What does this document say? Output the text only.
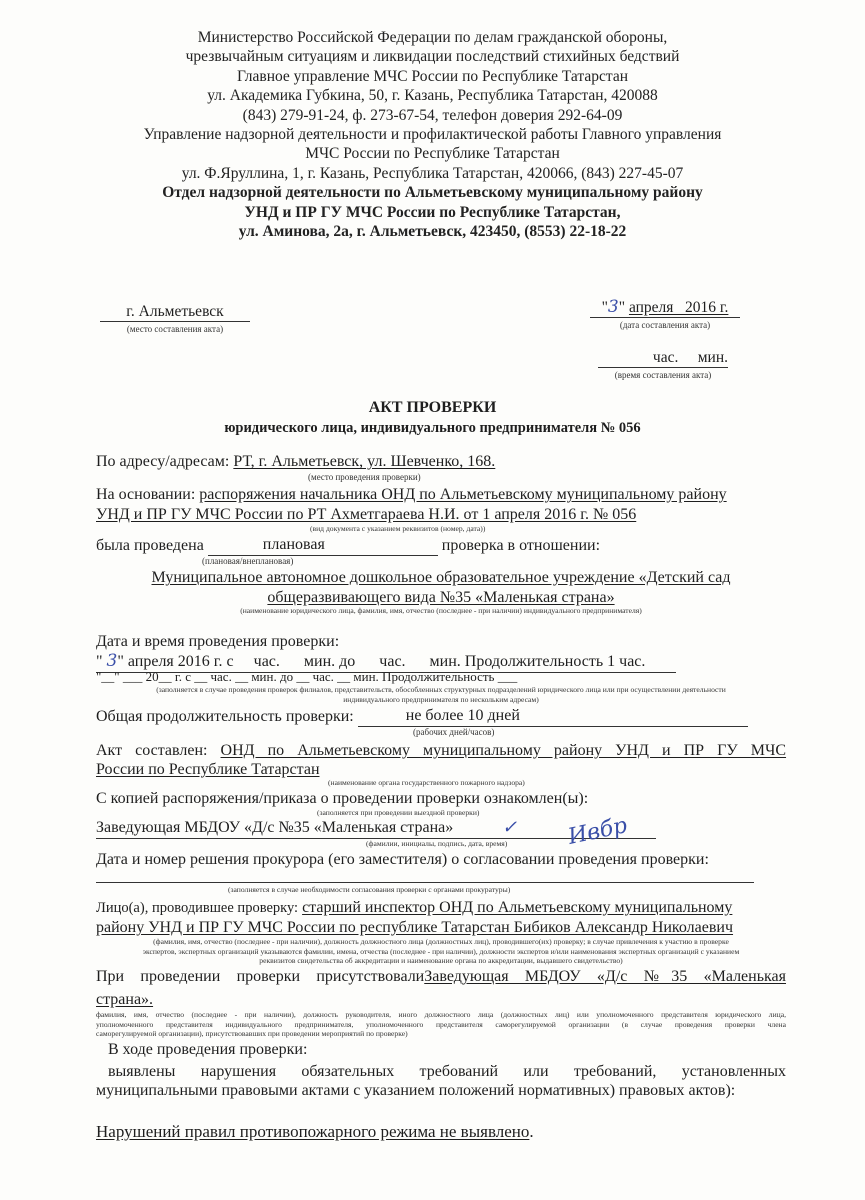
Министерство Российской Федерации по делам гражданской обороны,
чрезвычайным ситуациям и ликвидации последствий стихийных бедствий
Главное управление МЧС России по Республике Татарстан
ул. Академика Губкина, 50, г. Казань, Республика Татарстан, 420088
(843) 279-91-24, ф. 273-67-54, телефон доверия 292-64-09
Управление надзорной деятельности и профилактической работы Главного управления
МЧС России по Республике Татарстан
ул. Ф.Яруллина, 1, г. Казань, Республика Татарстан, 420066, (843) 227-45-07
Отдел надзорной деятельности по Альметьевскому муниципальному району
УНД и ПР ГУ МЧС России по Республике Татарстан,
ул. Аминова, 2а, г. Альметьевск, 423450, (8553) 22-18-22
г. Альметьевск
(место составления акта)
"3" апреля   2016 г.
(дата составления акта)
час.     мин.
(время составления акта)
АКТ ПРОВЕРКИ
юридического лица, индивидуального предпринимателя № 056
По адресу/адресам: РТ, г. Альметьевск, ул. Шевченко, 168.
(место проведения проверки)
На основании: распоряжения начальника ОНД по Альметьевскому муниципальному району
УНД и ПР ГУ МЧС России по РТ Ахметгараева Н.И. от 1 апреля 2016 г. № 056
(вид документа с указанием реквизитов (номер, дата))
была проведена	плановая	проверка в отношении:
(плановая/внеплановая)
Муниципальное автономное дошкольное образовательное учреждение «Детский сад
общеразвивающего вида №35 «Маленькая страна»
(наименование юридического лица, фамилия, имя, отчество (последнее - при наличии) индивидуального предпринимателя)
Дата и время проведения проверки:
" 3" апреля 2016 г. с     час.      мин. до      час.      мин. Продолжительность 1 час.
"__" ___ 20__ г. с __ час. __ мин. до __ час. __ мин. Продолжительность ___
(заполняется в случае проведения проверок филиалов, представительств, обособленных структурных подразделений юридического лица или при осуществлении деятельности
индивидуального предпринимателя по нескольким адресам)
Общая продолжительность проверки:	не более 10 дней
(рабочих дней/часов)
Акт составлен: ОНД по Альметьевскому муниципальному району УНД и ПР ГУ МЧС
России по Республике Татарстан
(наименование органа государственного пожарного надзора)
С копией распоряжения/приказа о проведении проверки ознакомлен(ы):
(заполняется при проведении выездной проверки)
Заведующая МБДОУ «Д/с №35 «Маленькая страна»	✓ Ивбр
(фамилии, инициалы, подпись, дата, время)
Дата и номер решения прокурора (его заместителя) о согласовании проведения проверки:
(заполняется в случае необходимости согласования проверки с органами прокуратуры)
Лицо(а), проводившее проверку: старший инспектор ОНД по Альметьевскому муниципальному
району УНД и ПР ГУ МЧС России по республике Татарстан Бибиков Александр Николаевич
(фамилия, имя, отчество (последнее - при наличии), должность должностного лица (должностных лиц), проводившего(их) проверку; в случае привлечения к участию в проверке
экспертов, экспертных организаций указываются фамилии, имена, отчества (последнее - при наличии), должности экспертов и/или наименования экспертных организаций с указанием
реквизитов свидетельства об аккредитации и наименование органа по аккредитации, выдавшего свидетельство)
При проведении проверки присутствовалиЗаведующая МБДОУ «Д/с №35 «Маленькая
страна».
фамилия, имя, отчество (последнее - при наличии), должность руководителя, иного должностного лица (должностных лиц) или уполномоченного представителя юридического лица,
уполномоченного представителя индивидуального предпринимателя, уполномоченного представителя саморегулируемой организации (в случае проведения проверки члена
саморегулируемой организации), присутствовавших при проведении мероприятий по проверке)
В ходе проведения проверки:
выявлены нарушения обязательных требований или требований, установленных
муниципальными правовыми актами с указанием положений нормативных) правовых актов):
Нарушений правил противопожарного режима не выявлено.
